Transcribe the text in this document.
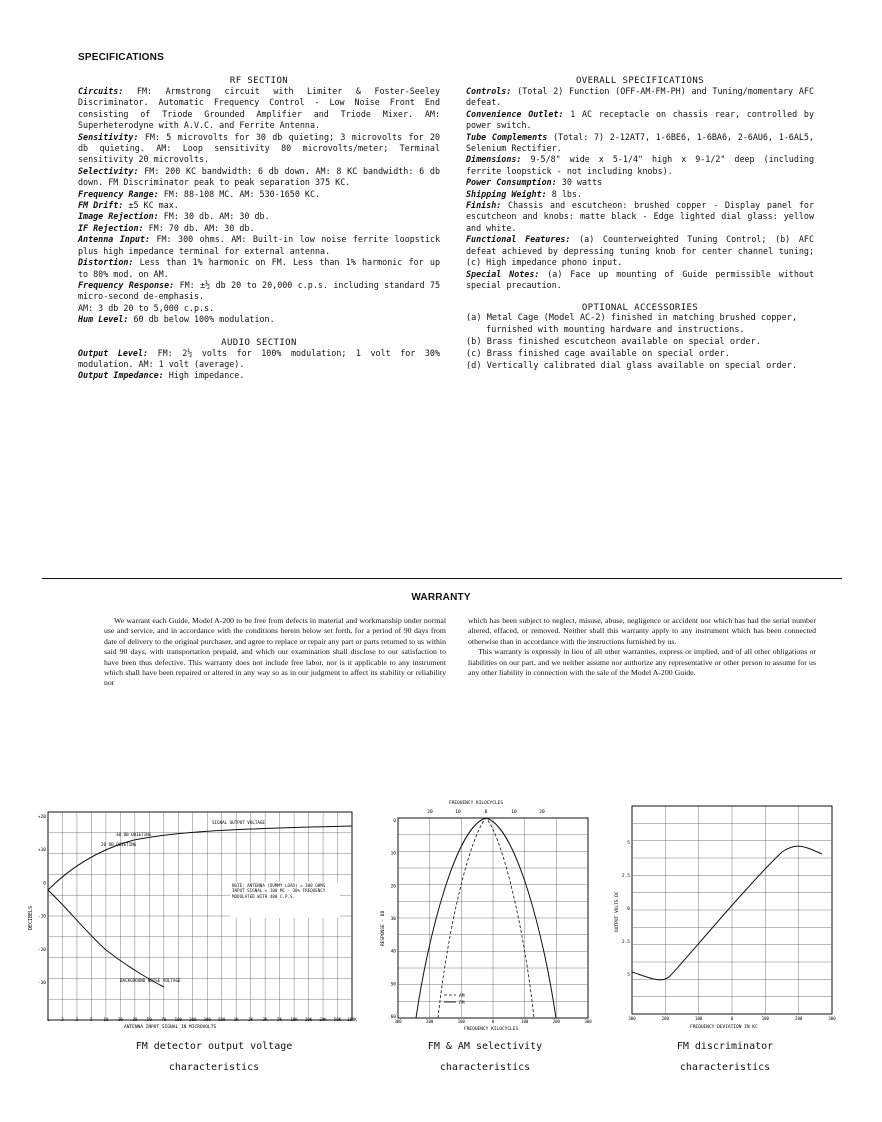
SPECIFICATIONS
RF SECTION

Circuits: FM: Armstrong circuit with Limiter & Foster-Seeley Discriminator. Automatic Frequency Control - Low Noise Front End consisting of Triode Grounded Amplifier and Triode Mixer. AM: Superheterodyne with A.V.C. and Ferrite Antenna.

Sensitivity: FM: 5 microvolts for 30 db quieting; 3 microvolts for 20 db quieting. AM: Loop sensitivity 80 microvolts/meter; Terminal sensitivity 20 microvolts.

Selectivity: FM: 200 KC bandwidth: 6 db down. AM: 8 KC bandwidth: 6 db down. FM Discriminator peak to peak separation 375 KC.

Frequency Range: FM: 88-108 MC. AM: 530-1650 KC.

FM Drift: ±5 KC max.

Image Rejection: FM: 30 db. AM: 30 db.

IF Rejection: FM: 70 db. AM: 30 db.

Antenna Input: FM: 300 ohms. AM: Built-in low noise ferrite loopstick plus high impedance terminal for external antenna.

Distortion: Less than 1% harmonic on FM. Less than 1% harmonic for up to 80% mod. on AM.

Frequency Response: FM: ±½ db 20 to 20,000 c.p.s. including standard 75 micro-second de-emphasis.

AM: 3 db 20 to 5,000 c.p.s.

Hum Level: 60 db below 100% modulation.

AUDIO SECTION

Output Level: FM: 2½ volts for 100% modulation; 1 volt for 30% modulation. AM: 1 volt (average).

Output Impedance: High impedance.

OVERALL SPECIFICATIONS

Controls: (Total 2) Function (OFF-AM-FM-PH) and Tuning/momentary AFC defeat.

Convenience Outlet: 1 AC receptacle on chassis rear, controlled by power switch.

Tube Complements (Total: 7) 2-12AT7, 1-6BE6, 1-6BA6, 2-6AU6, 1-6AL5, Selenium Rectifier.

Dimensions: 9-5/8" wide x 5-1/4" high x 9-1/2" deep (including ferrite loopstick - not including knobs).

Power Consumption: 30 watts

Shipping Weight: 8 lbs.

Finish: Chassis and escutcheon: brushed copper - Display panel for escutcheon and knobs: matte black - Edge lighted dial glass: yellow and white.

Functional Features: (a) Counterweighted Tuning Control; (b) AFC defeat achieved by depressing tuning knob for center channel tuning; (c) High impedance phono input.

Special Notes: (a) Face up mounting of Guide permissible without special precaution.

OPTIONAL ACCESSORIES
(a) Metal Cage (Model AC-2) finished in matching brushed copper, furnished with mounting hardware and instructions.
(b) Brass finished escutcheon available on special order.
(c) Brass finished cage available on special order.
(d) Vertically calibrated dial glass available on special order.
WARRANTY

We warrant each Guide, Model A-200 to be free from defects in material and workmanship under normal use and service, and in accordance with the conditions herein below set forth, for a period of 90 days from date of delivery to the original purchaser, and agree to replace or repair any part or parts returned to us within said 90 days, with transportation prepaid, and which our examination shall disclose to our satisfaction to have been thus defective. This warranty does not include free labor, nor is it applicable to any instrument which shall have been repaired or altered in any way so as in our judgment to affect its stability or reliability nor

which has been subject to neglect, misuse, abuse, negligence or accident nor which has had the serial number altered, effaced, or removed. Neither shall this warranty apply to any instrument which has been connected otherwise than in accordance with the instructions furnished by us.

This warranty is expressly in lieu of all other warranties, express or implied, and of all other obligations or liabilities on our part, and we neither assume nor authorize any representative or other person to assume for us any other liability in connection with the sale of the Model A-200 Guide.

+20
+10
0
-10
-20
-30
1	2	3	5	10 20 30 50 70 100 200 300 500 1K 2K 3K 5K 10K 20K 30K 50K 100K
DECIBELS
ANTENNA INPUT SIGNAL IN MICROVOLTS
30 DB QUIETING
20 DB QUIETING
SIGNAL OUTPUT VOLTAGE
BACKGROUND NOISE VOLTAGE
NOTE: ANTENNA (DUMMY LOAD) = 300 OHMS INPUT SIGNAL = 100 MC - 30% FREQUENCY MODULATED WITH 400 C.P.S.
FM detector output voltage
characteristics
FREQUENCY KILOCYCLES
20	10	0	10	20
0
10
20
30
40
50
60
300	200	100	0	100	200	300
RESPONSE - DB
FREQUENCY KILOCYCLES
AM
FM
FM & AM selectivity
characteristics
5
2.5
0
2.5
5
300	200	100	0	100	200	300
OUTPUT VOLTS DC
FREQUENCY DEVIATION IN KC
FM discriminator
characteristics
